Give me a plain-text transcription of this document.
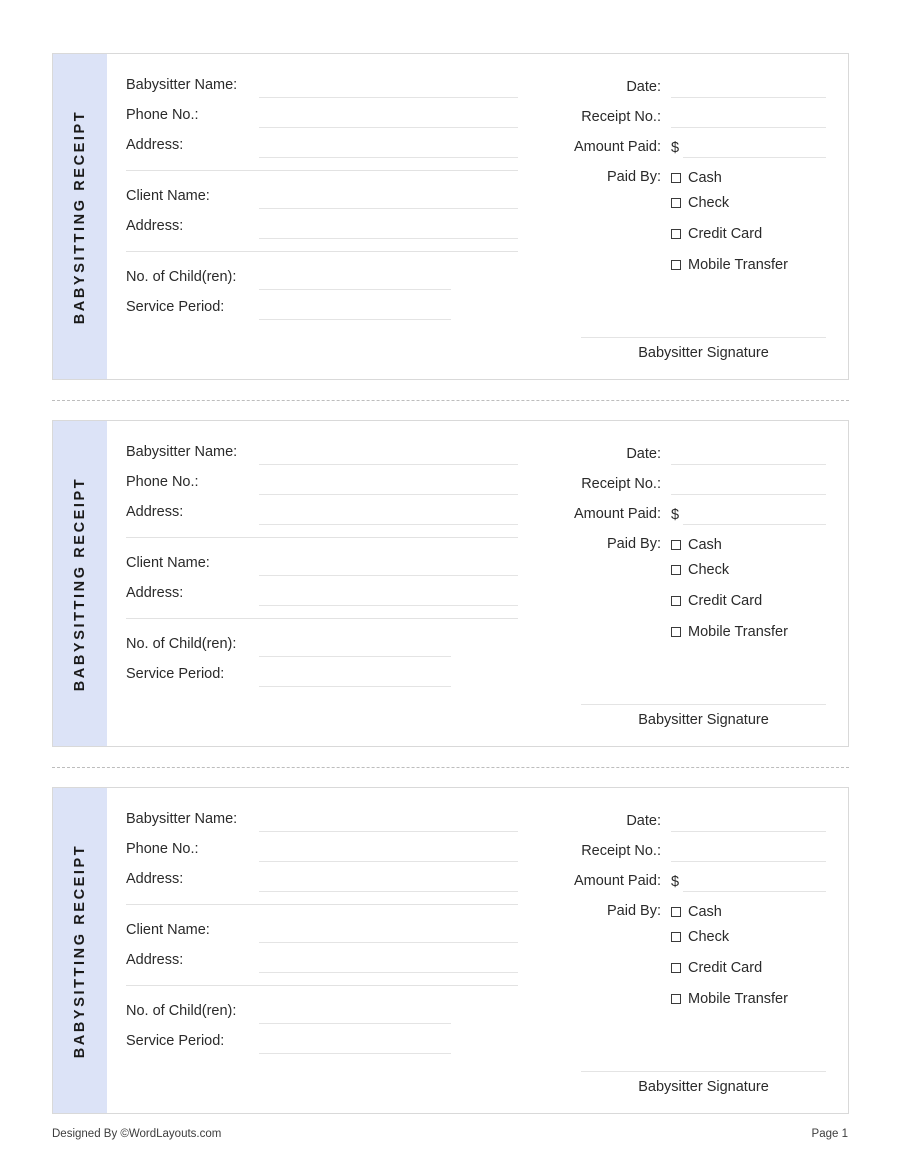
BABYSITTING RECEIPT
Babysitter Name:
Phone No.:
Address:
Client Name:
Address:
No. of Child(ren):
Service Period:
Date:
Receipt No.:
Amount Paid: $
Paid By:	Cash
Check
Credit Card
Mobile Transfer
Babysitter Signature
BABYSITTING RECEIPT
Babysitter Name:
Phone No.:
Address:
Client Name:
Address:
No. of Child(ren):
Service Period:
Date:
Receipt No.:
Amount Paid: $
Paid By:	Cash
Check
Credit Card
Mobile Transfer
Babysitter Signature
BABYSITTING RECEIPT
Babysitter Name:
Phone No.:
Address:
Client Name:
Address:
No. of Child(ren):
Service Period:
Date:
Receipt No.:
Amount Paid: $
Paid By:	Cash
Check
Credit Card
Mobile Transfer
Babysitter Signature
Designed By ©WordLayouts.com	Page 1
